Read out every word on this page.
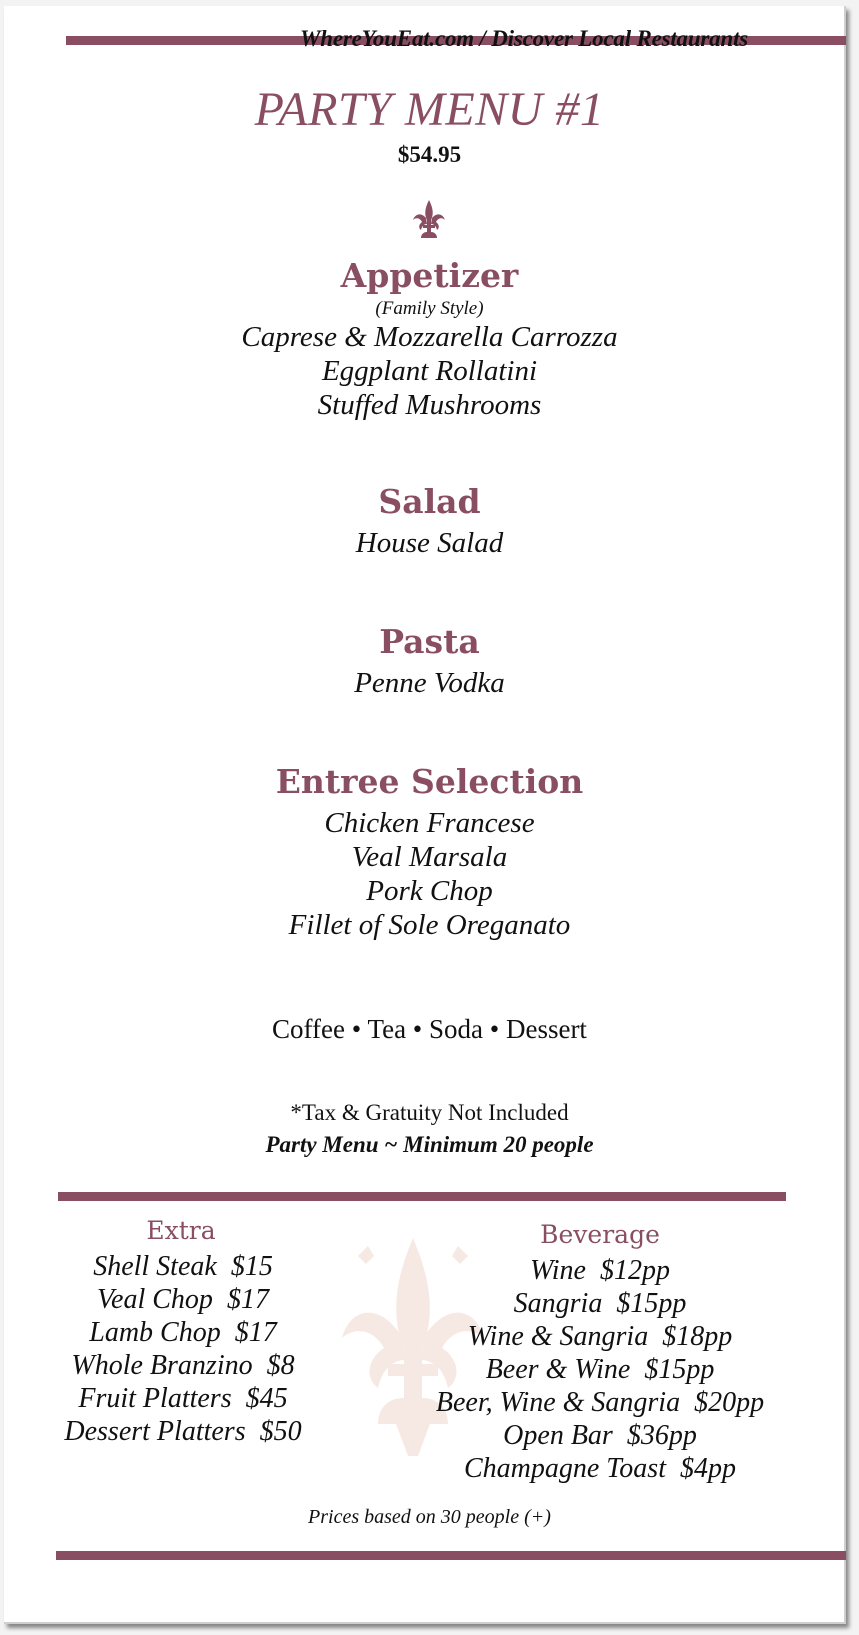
WhereYouEat.com / Discover Local Restaurants
PARTY MENU #1
$54.95
Appetizer
(Family Style)
Caprese & Mozzarella Carrozza
Eggplant Rollatini
Stuffed Mushrooms
Salad
House Salad
Pasta
Penne Vodka
Entree Selection
Chicken Francese
Veal Marsala
Pork Chop
Fillet of Sole Oreganato
Coffee • Tea • Soda • Dessert
*Tax & Gratuity Not Included
Party Menu ~ Minimum 20 people
Extra
Shell Steak $15
Veal Chop $17
Lamb Chop $17
Whole Branzino $8
Fruit Platters $45
Dessert Platters $50
Beverage
Wine $12pp
Sangria $15pp
Wine & Sangria $18pp
Beer & Wine $15pp
Beer, Wine & Sangria $20pp
Open Bar $36pp
Champagne Toast $4pp
Prices based on 30 people (+)
